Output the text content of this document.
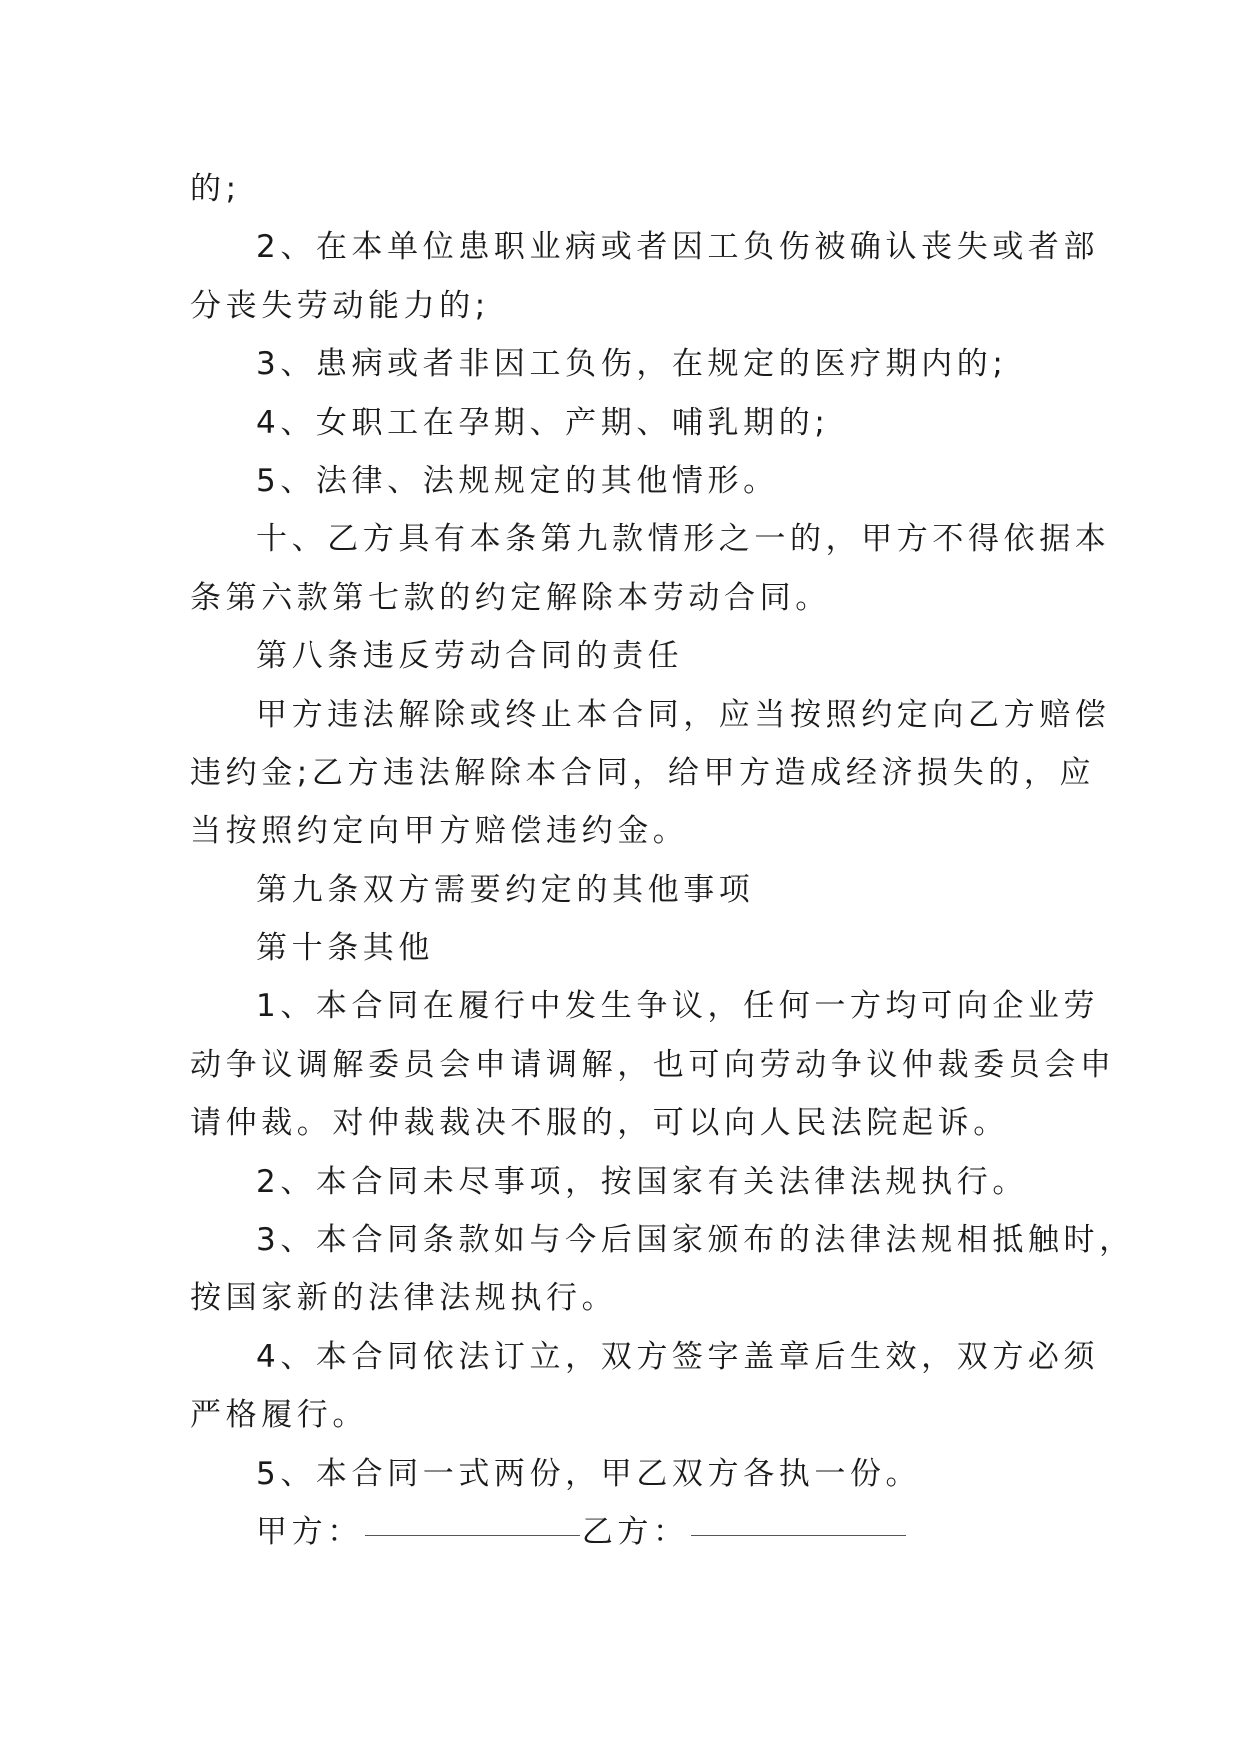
的;
2、在本单位患职业病或者因工负伤被确认丧失或者部
分丧失劳动能力的;
3、患病或者非因工负伤，在规定的医疗期内的;
4、女职工在孕期、产期、哺乳期的;
5、法律、法规规定的其他情形。
十、乙方具有本条第九款情形之一的，甲方不得依据本
条第六款第七款的约定解除本劳动合同。
第八条违反劳动合同的责任
甲方违法解除或终止本合同，应当按照约定向乙方赔偿
违约金;乙方违法解除本合同，给甲方造成经济损失的，应
当按照约定向甲方赔偿违约金。
第九条双方需要约定的其他事项
第十条其他
1、本合同在履行中发生争议，任何一方均可向企业劳
动争议调解委员会申请调解，也可向劳动争议仲裁委员会申
请仲裁。对仲裁裁决不服的，可以向人民法院起诉。
2、本合同未尽事项，按国家有关法律法规执行。
3、本合同条款如与今后国家颁布的法律法规相抵触时，
按国家新的法律法规执行。
4、本合同依法订立，双方签字盖章后生效，双方必须
严格履行。
5、本合同一式两份，甲乙双方各执一份。
甲方：	乙方：
